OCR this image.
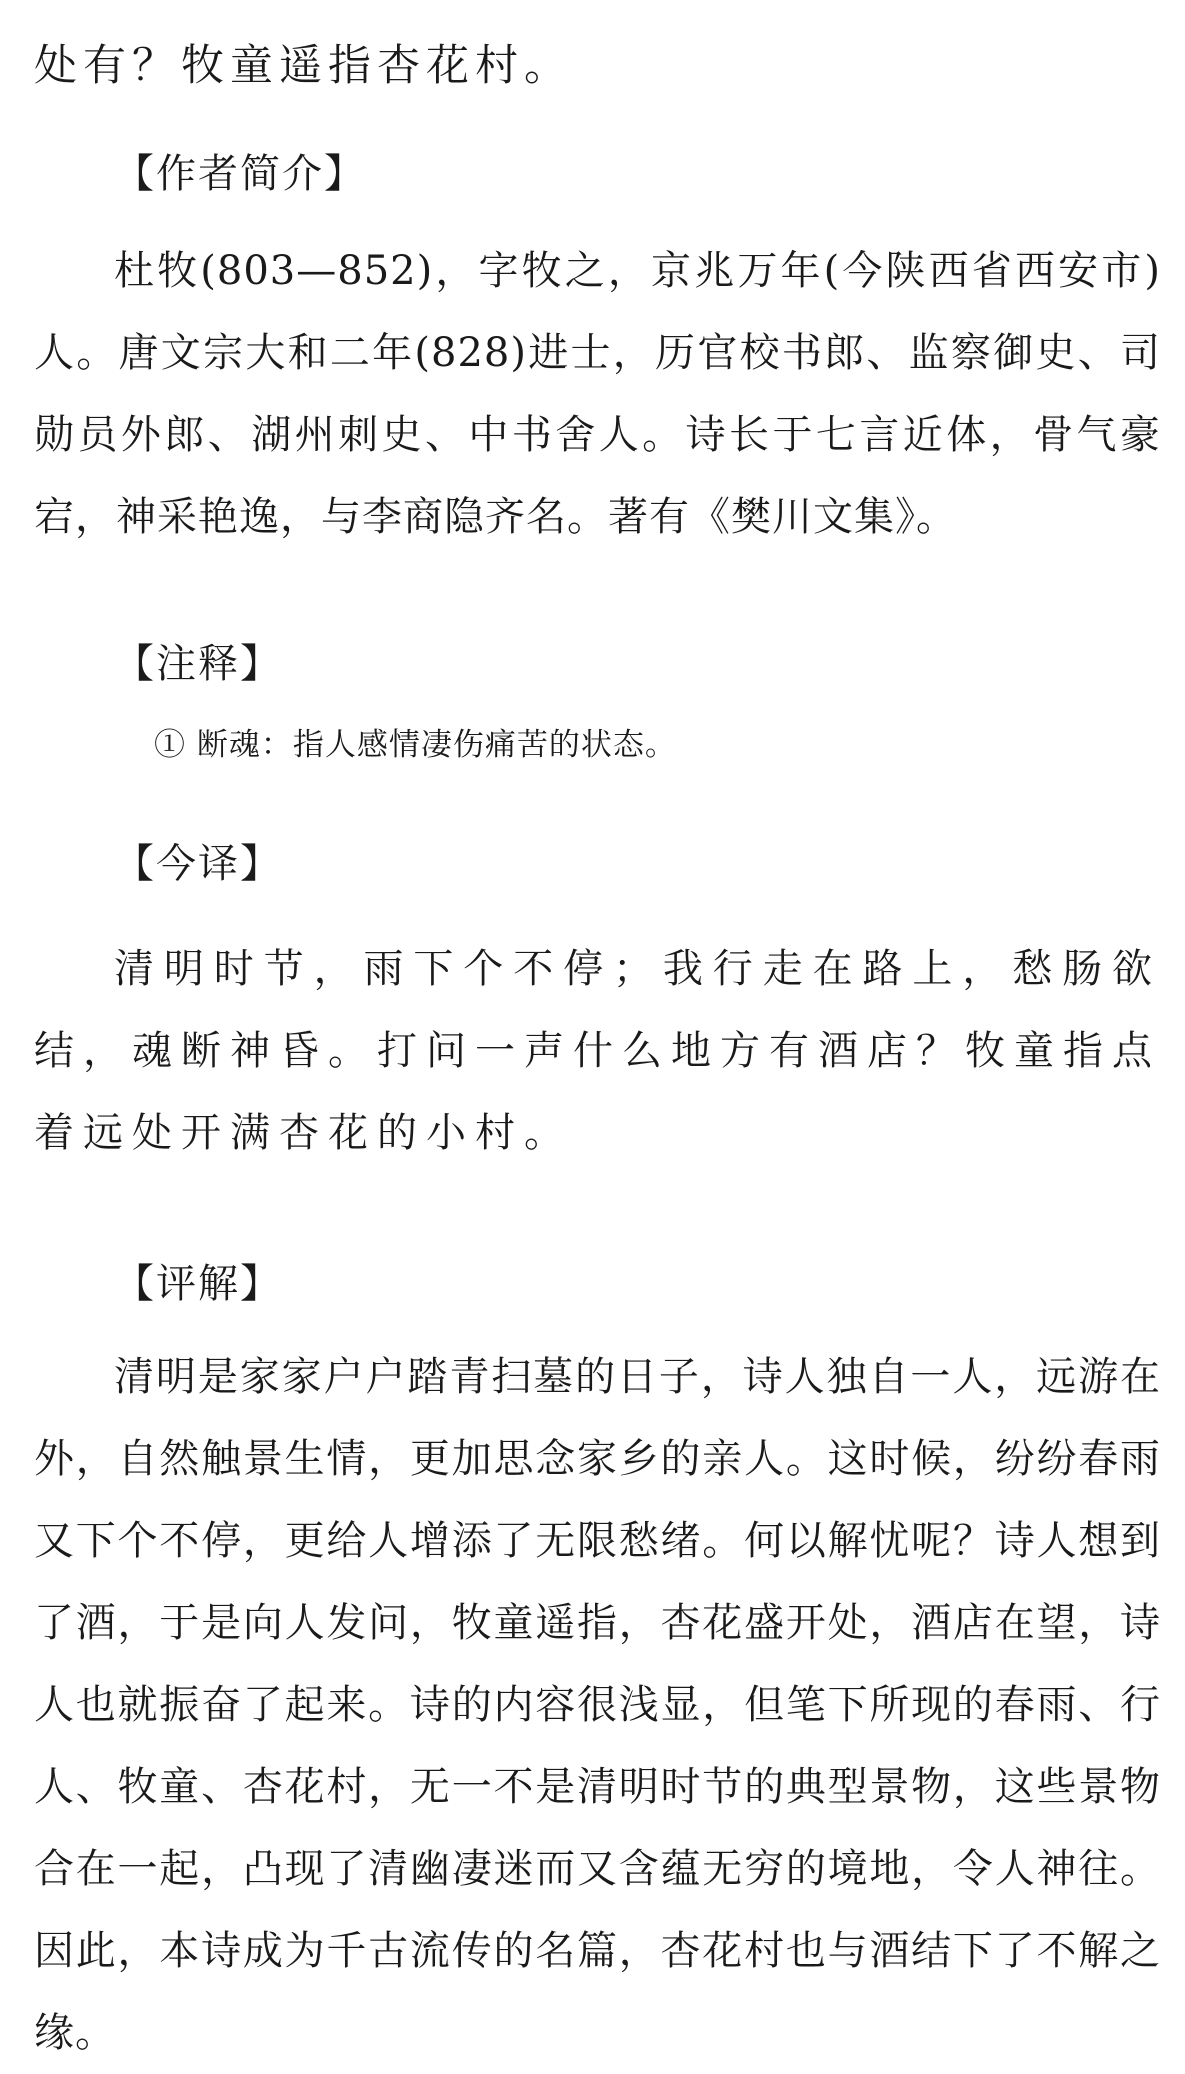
处有？牧童遥指杏花村。

【作者简介】

杜牧(803—852)，字牧之，京兆万年(今陕西省西安市)人。唐文宗大和二年(828)进士，历官校书郎、监察御史、司勋员外郎、湖州刺史、中书舍人。诗长于七言近体，骨气豪宕，神采艳逸，与李商隐齐名。著有《樊川文集》。

【注释】

① 断魂：指人感情凄伤痛苦的状态。

【今译】

清明时节，雨下个不停；我行走在路上，愁肠欲结，魂断神昏。打问一声什么地方有酒店？牧童指点着远处开满杏花的小村。

【评解】

清明是家家户户踏青扫墓的日子，诗人独自一人，远游在外，自然触景生情，更加思念家乡的亲人。这时候，纷纷春雨又下个不停，更给人增添了无限愁绪。何以解忧呢？诗人想到了酒，于是向人发问，牧童遥指，杏花盛开处，酒店在望，诗人也就振奋了起来。诗的内容很浅显，但笔下所现的春雨、行人、牧童、杏花村，无一不是清明时节的典型景物，这些景物合在一起，凸现了清幽凄迷而又含蕴无穷的境地，令人神往。因此，本诗成为千古流传的名篇，杏花村也与酒结下了不解之缘。
